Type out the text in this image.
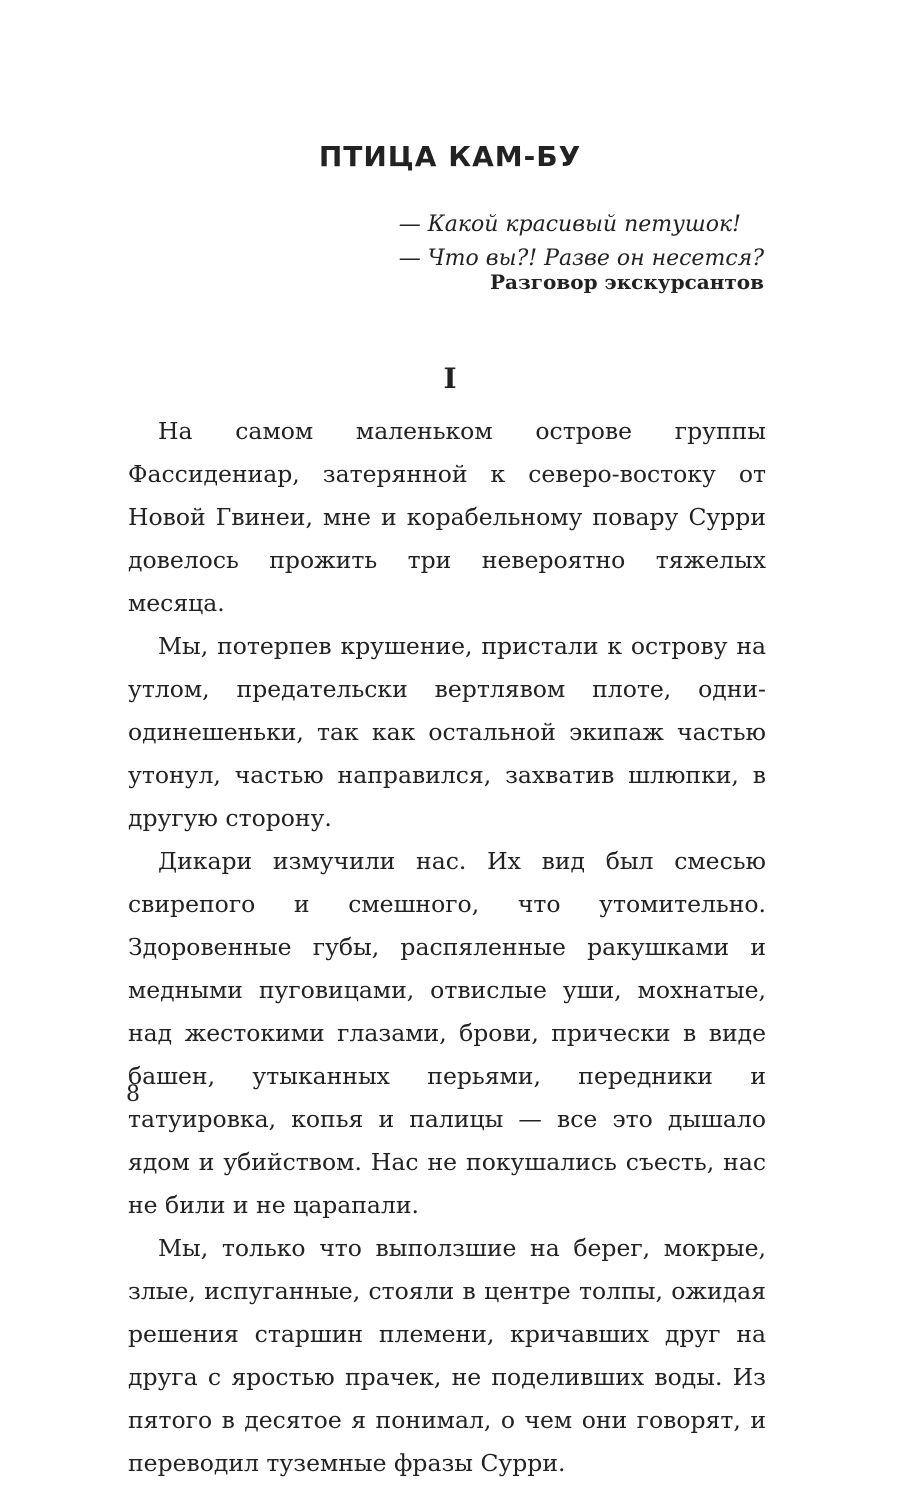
ПТИЦА КАМ-БУ
— Какой красивый петушок!
— Что вы?! Разве он несется?
Разговор экскурсантов
I

На самом маленьком острове группы Фассидениар, затерянной к северо-востоку от Новой Гвинеи, мне и корабельному повару Сурри довелось прожить три невероятно тяжелых месяца.

Мы, потерпев крушение, пристали к острову на утлом, предательски вертлявом плоте, одни-одинешеньки, так как остальной экипаж частью утонул, частью направился, захватив шлюпки, в другую сторону.

Дикари измучили нас. Их вид был смесью свирепого и смешного, что утомительно. Здоровенные губы, распяленные ракушками и медными пуговицами, отвислые уши, мохнатые, над жестокими глазами, брови, прически в виде башен, утыканных перьями, передники и татуировка, копья и палицы — все это дышало ядом и убийством. Нас не покушались съесть, нас не били и не царапали.

Мы, только что выползшие на берег, мокрые, злые, испуганные, стояли в центре толпы, ожидая решения старшин племени, кричавших друг на друга с яростью прачек, не поделивших воды. Из пятого в десятое я понимал, о чем они говорят, и переводил туземные фразы Сурри.

8
